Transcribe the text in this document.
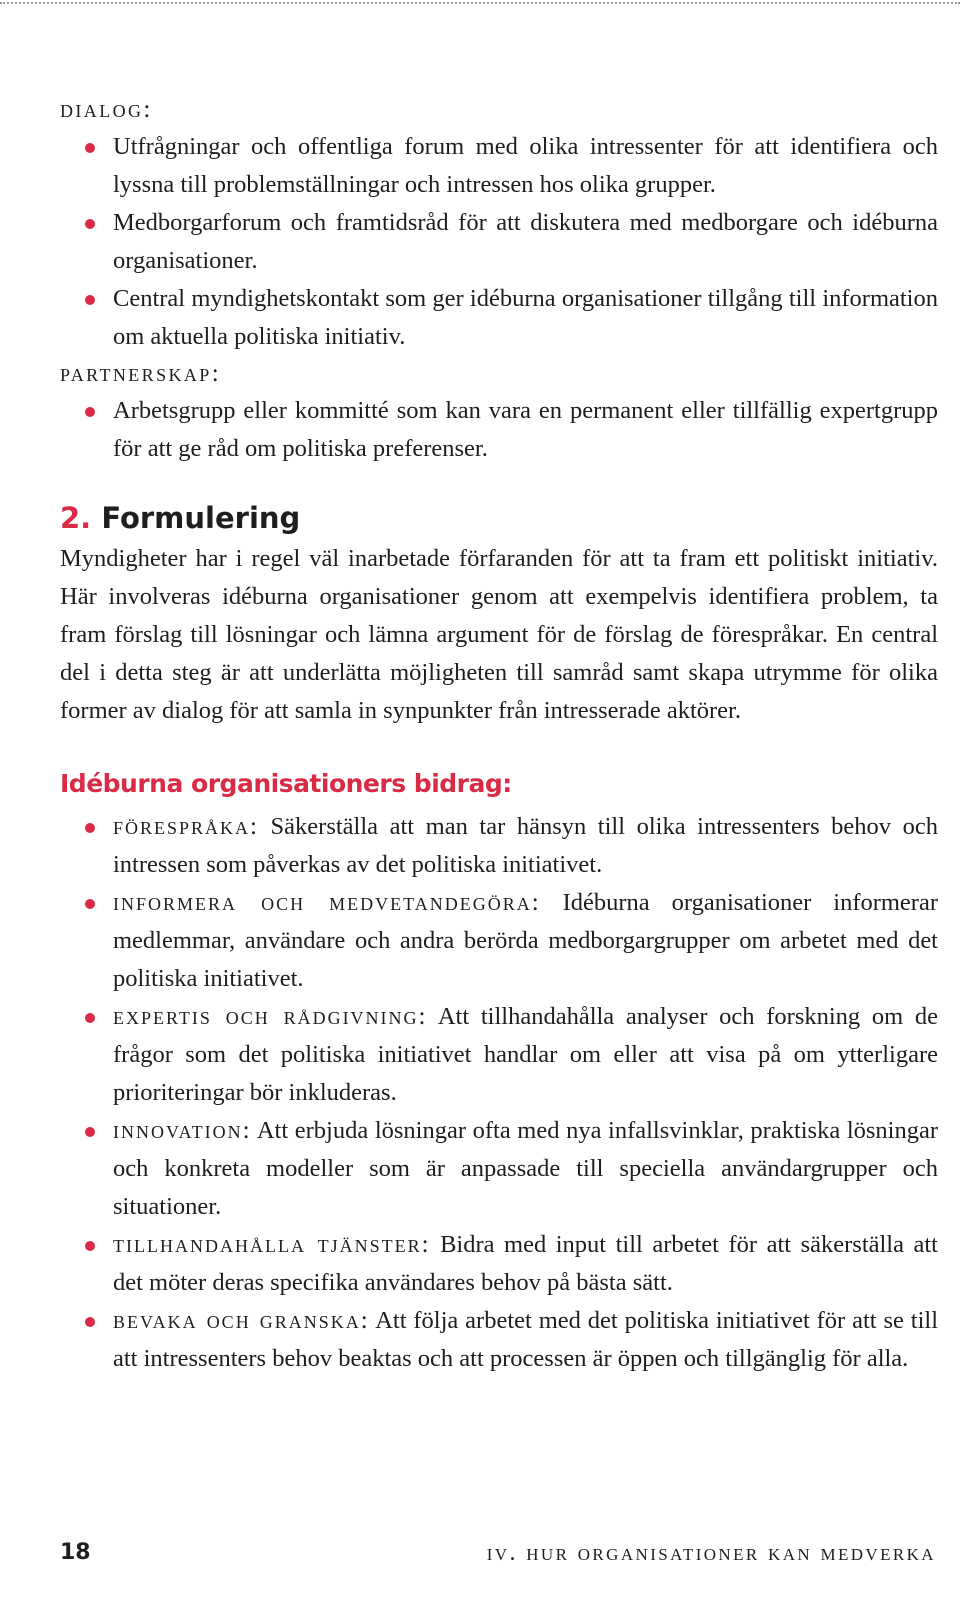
dialog:
Utfrågningar och offentliga forum med olika intressenter för att identifiera och lyssna till problemställningar och intressen hos olika grupper.
Medborgarforum och framtidsråd för att diskutera med medborgare och idéburna organisationer.
Central myndighetskontakt som ger idéburna organisationer tillgång till information om aktuella politiska initiativ.
partnerskap:
Arbetsgrupp eller kommitté som kan vara en permanent eller tillfällig expertgrupp för att ge råd om politiska preferenser.
2. Formulering

Myndigheter har i regel väl inarbetade förfaranden för att ta fram ett politiskt initiativ. Här involveras idéburna organisationer genom att exempelvis identifiera problem, ta fram förslag till lösningar och lämna argument för de förslag de förespråkar. En central del i detta steg är att underlätta möjligheten till samråd samt skapa utrymme för olika former av dialog för att samla in synpunkter från intresserade aktörer.

Idéburna organisationers bidrag:
förespråka: Säkerställa att man tar hänsyn till olika intressenters behov och intressen som påverkas av det politiska initiativet.
informera och medvetandegöra: Idéburna organisationer informerar medlemmar, användare och andra berörda medborgargrupper om arbetet med det politiska initiativet.
expertis och rådgivning: Att tillhandahålla analyser och forskning om de frågor som det politiska initiativet handlar om eller att visa på om ytterligare prioriteringar bör inkluderas.
innovation: Att erbjuda lösningar ofta med nya infallsvinklar, praktiska lösningar och konkreta modeller som är anpassade till speciella användargrupper och situationer.
tillhandahålla tjänster: Bidra med input till arbetet för att säkerställa att det möter deras specifika användares behov på bästa sätt.
bevaka och granska: Att följa arbetet med det politiska initiativet för att se till att intressenters behov beaktas och att processen är öppen och tillgänglig för alla.
18	iv. hur organisationer kan medverka
